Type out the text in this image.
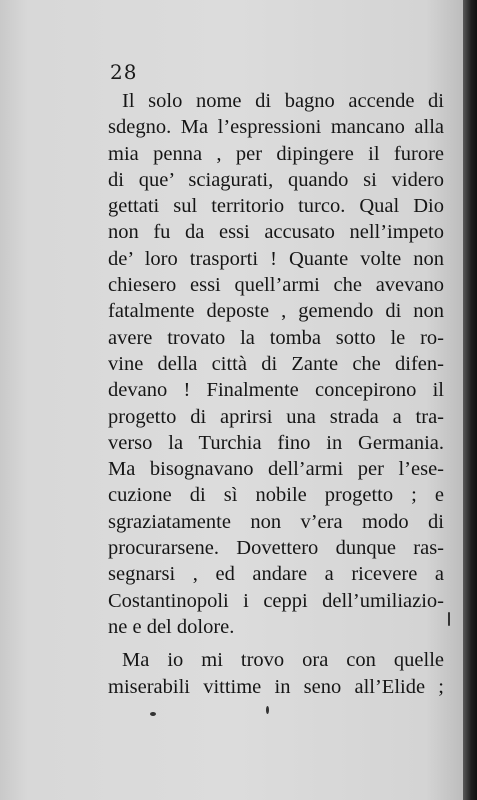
28
Il solo nome di bagno accende di
sdegno. Ma l’espressioni mancano alla
mia penna , per dipingere il furore
di que’ sciagurati, quando si videro
gettati sul territorio turco. Qual Dio
non fu da essi accusato nell’impeto
de’ loro trasporti ! Quante volte non
chiesero essi quell’armi che avevano
fatalmente deposte , gemendo di non
avere trovato la tomba sotto le ro-
vine della città di Zante che difen-
devano ! Finalmente concepirono il
progetto di aprirsi una strada a tra-
verso la Turchia fino in Germania.
Ma bisognavano dell’armi per l’ese-
cuzione di sì nobile progetto ; e
sgraziatamente non v’era modo di
procurarsene. Dovettero dunque ras-
segnarsi , ed andare a ricevere a
Costantinopoli i ceppi dell’umiliazio-
ne e del dolore.
Ma io mi trovo ora con quelle
miserabili vittime in seno all’Elide ;
